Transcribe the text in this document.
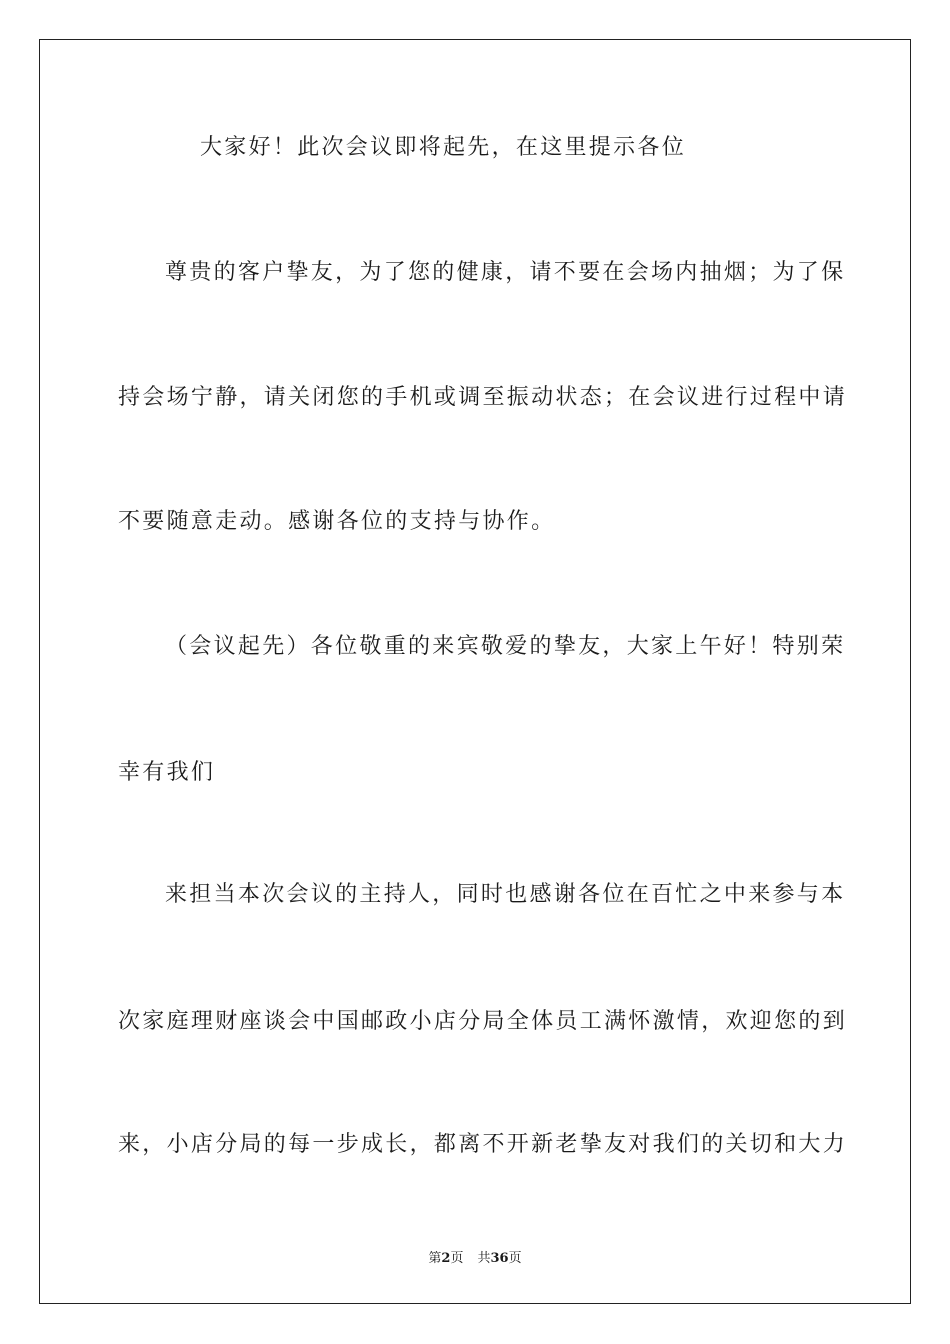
大家好！此次会议即将起先，在这里提示各位
尊贵的客户挚友，为了您的健康，请不要在会场内抽烟；为了保
持会场宁静，请关闭您的手机或调至振动状态；在会议进行过程中请
不要随意走动。感谢各位的支持与协作。
（会议起先）各位敬重的来宾敬爱的挚友，大家上午好！特别荣
幸有我们
来担当本次会议的主持人，同时也感谢各位在百忙之中来参与本
次家庭理财座谈会中国邮政小店分局全体员工满怀激情，欢迎您的到
来，小店分局的每一步成长，都离不开新老挚友对我们的关切和大力
第2页 共36页
